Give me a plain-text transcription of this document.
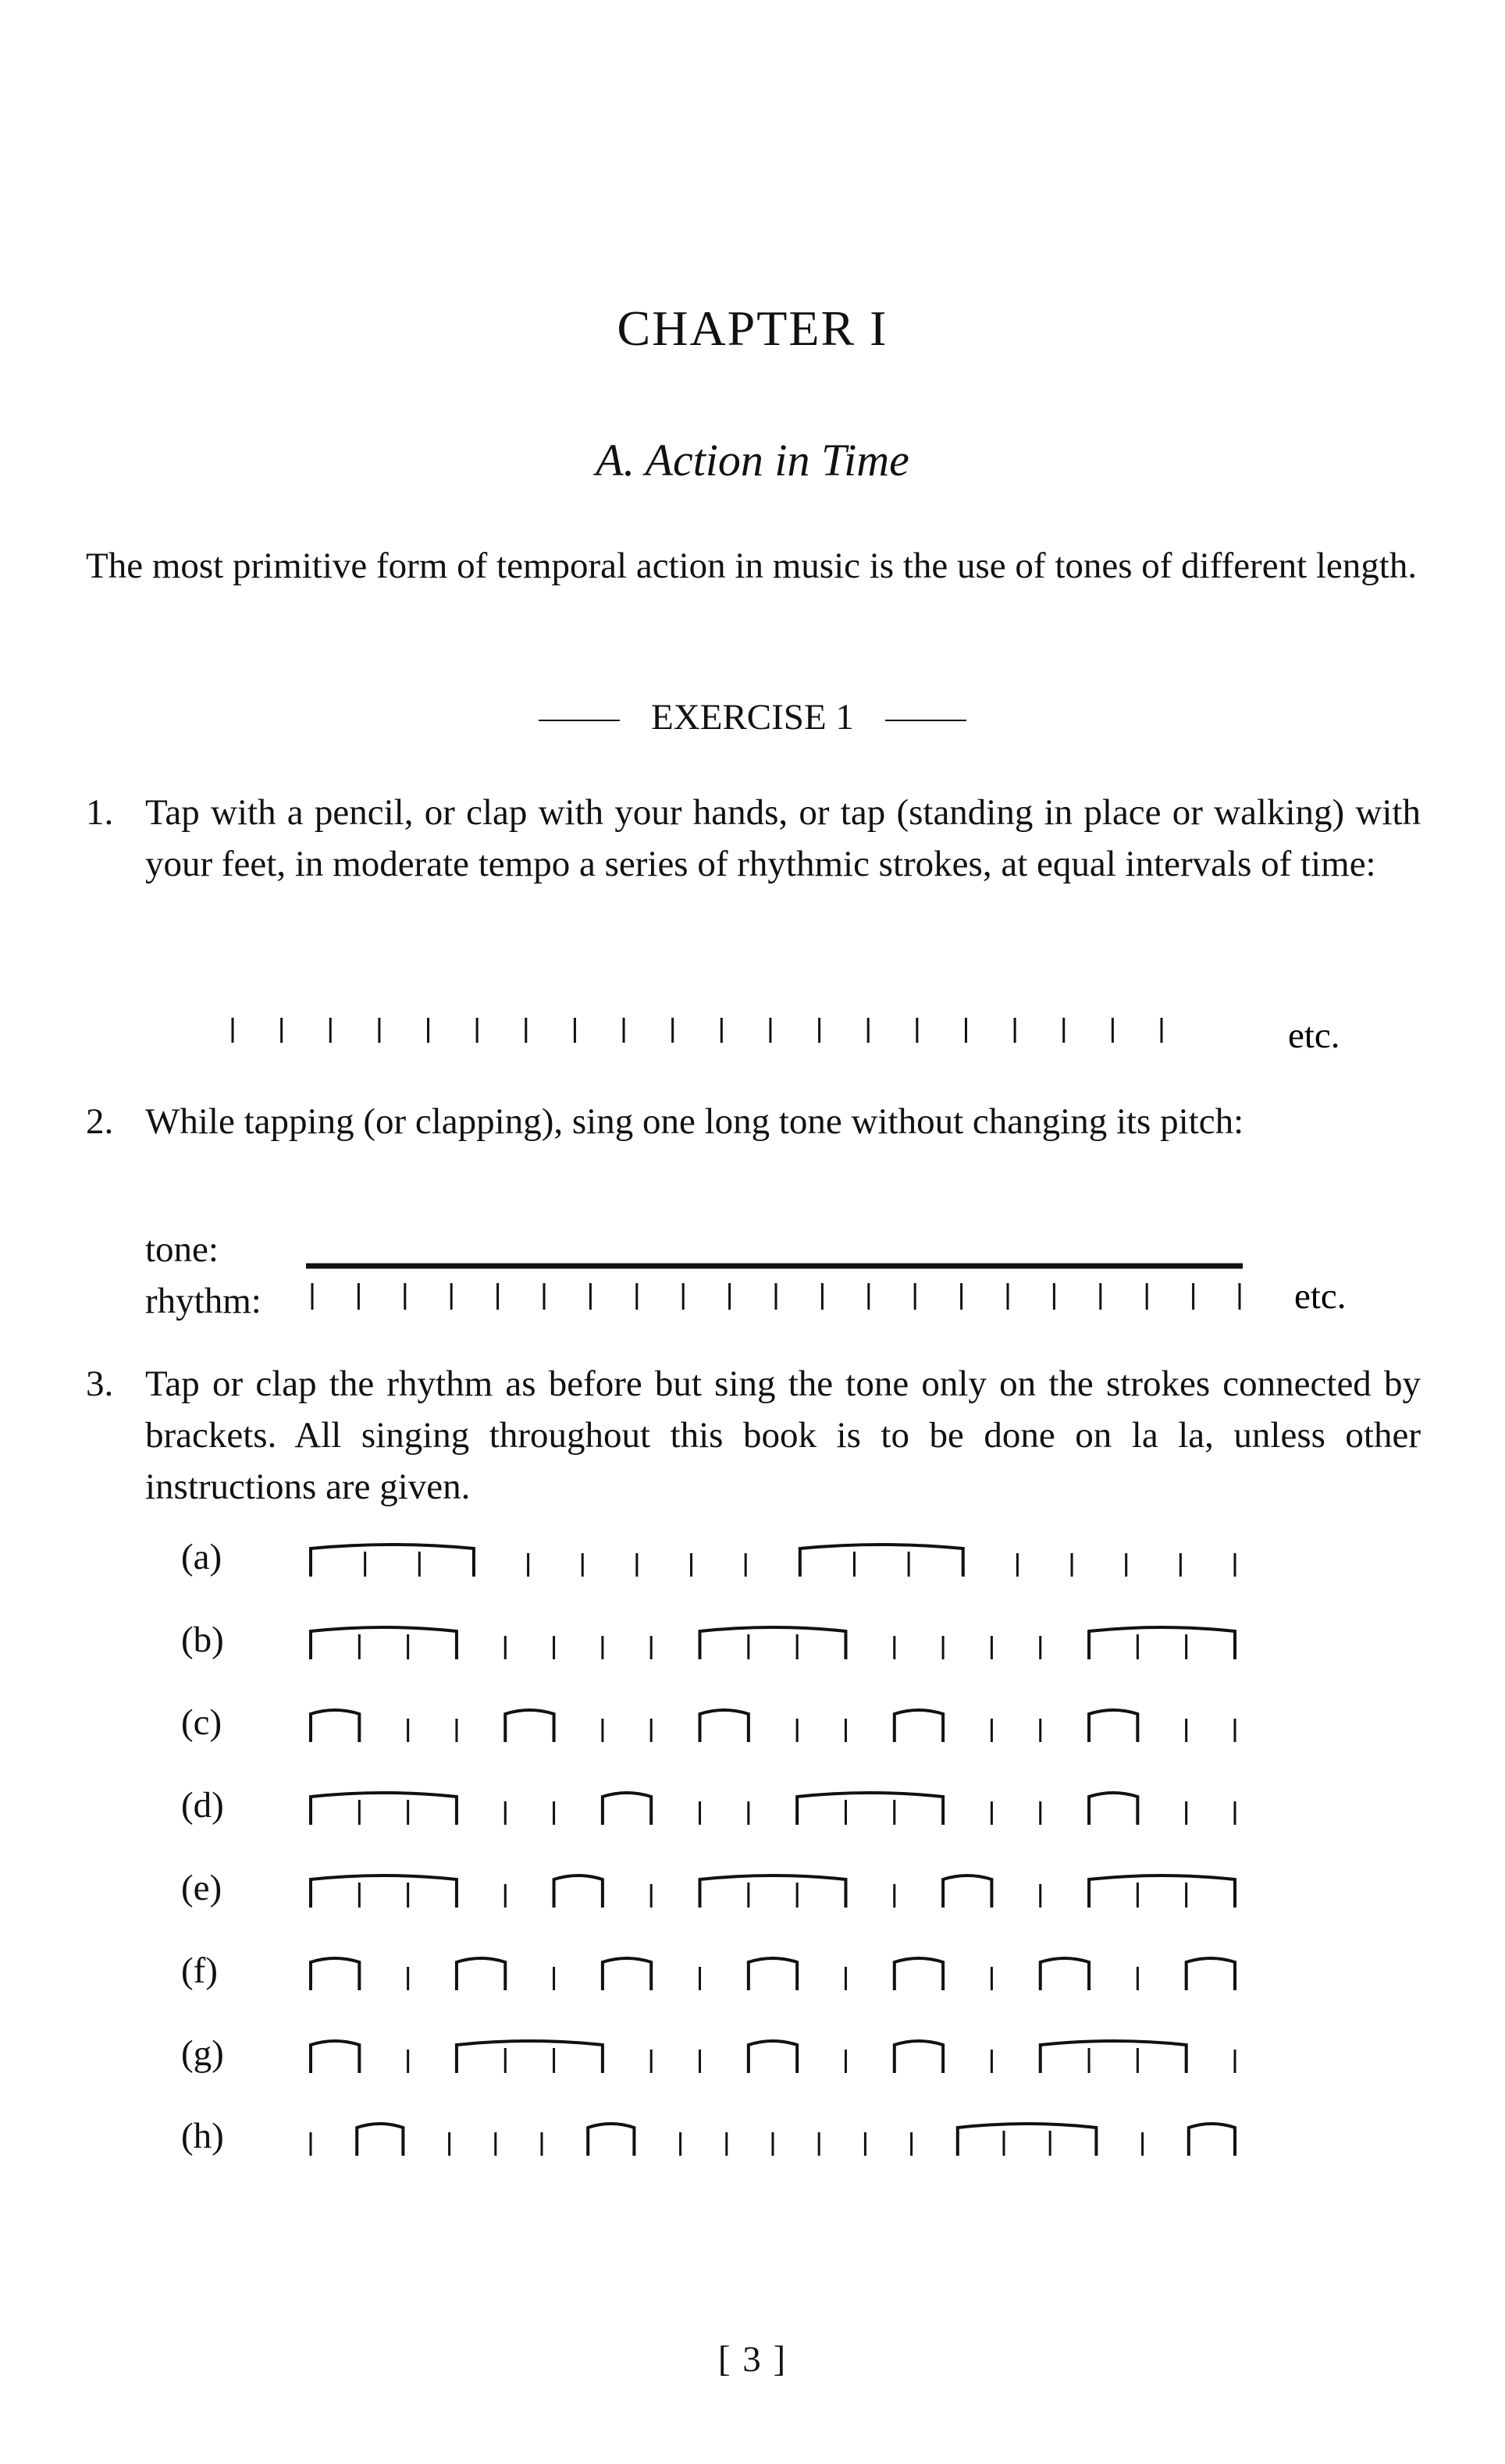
CHAPTER I
A. Action in Time
The most primitive form of temporal action in music is the use of tones of different length.
EXERCISE 1
1. Tap with a pencil, or clap with your hands, or tap (standing in place or walking) with your feet, in moderate tempo a series of rhythmic strokes, at equal intervals of time:
etc.
2. While tapping (or clapping), sing one long tone without changing its pitch:
tone:
rhythm:	etc.
3. Tap or clap the rhythm as before but sing the tone only on the strokes connected by brackets. All singing throughout this book is to be done on la la, unless other instructions are given.
(a)
(b)
(c)
(d)
(e)
(f)
(g)
(h)
[ 3 ]
